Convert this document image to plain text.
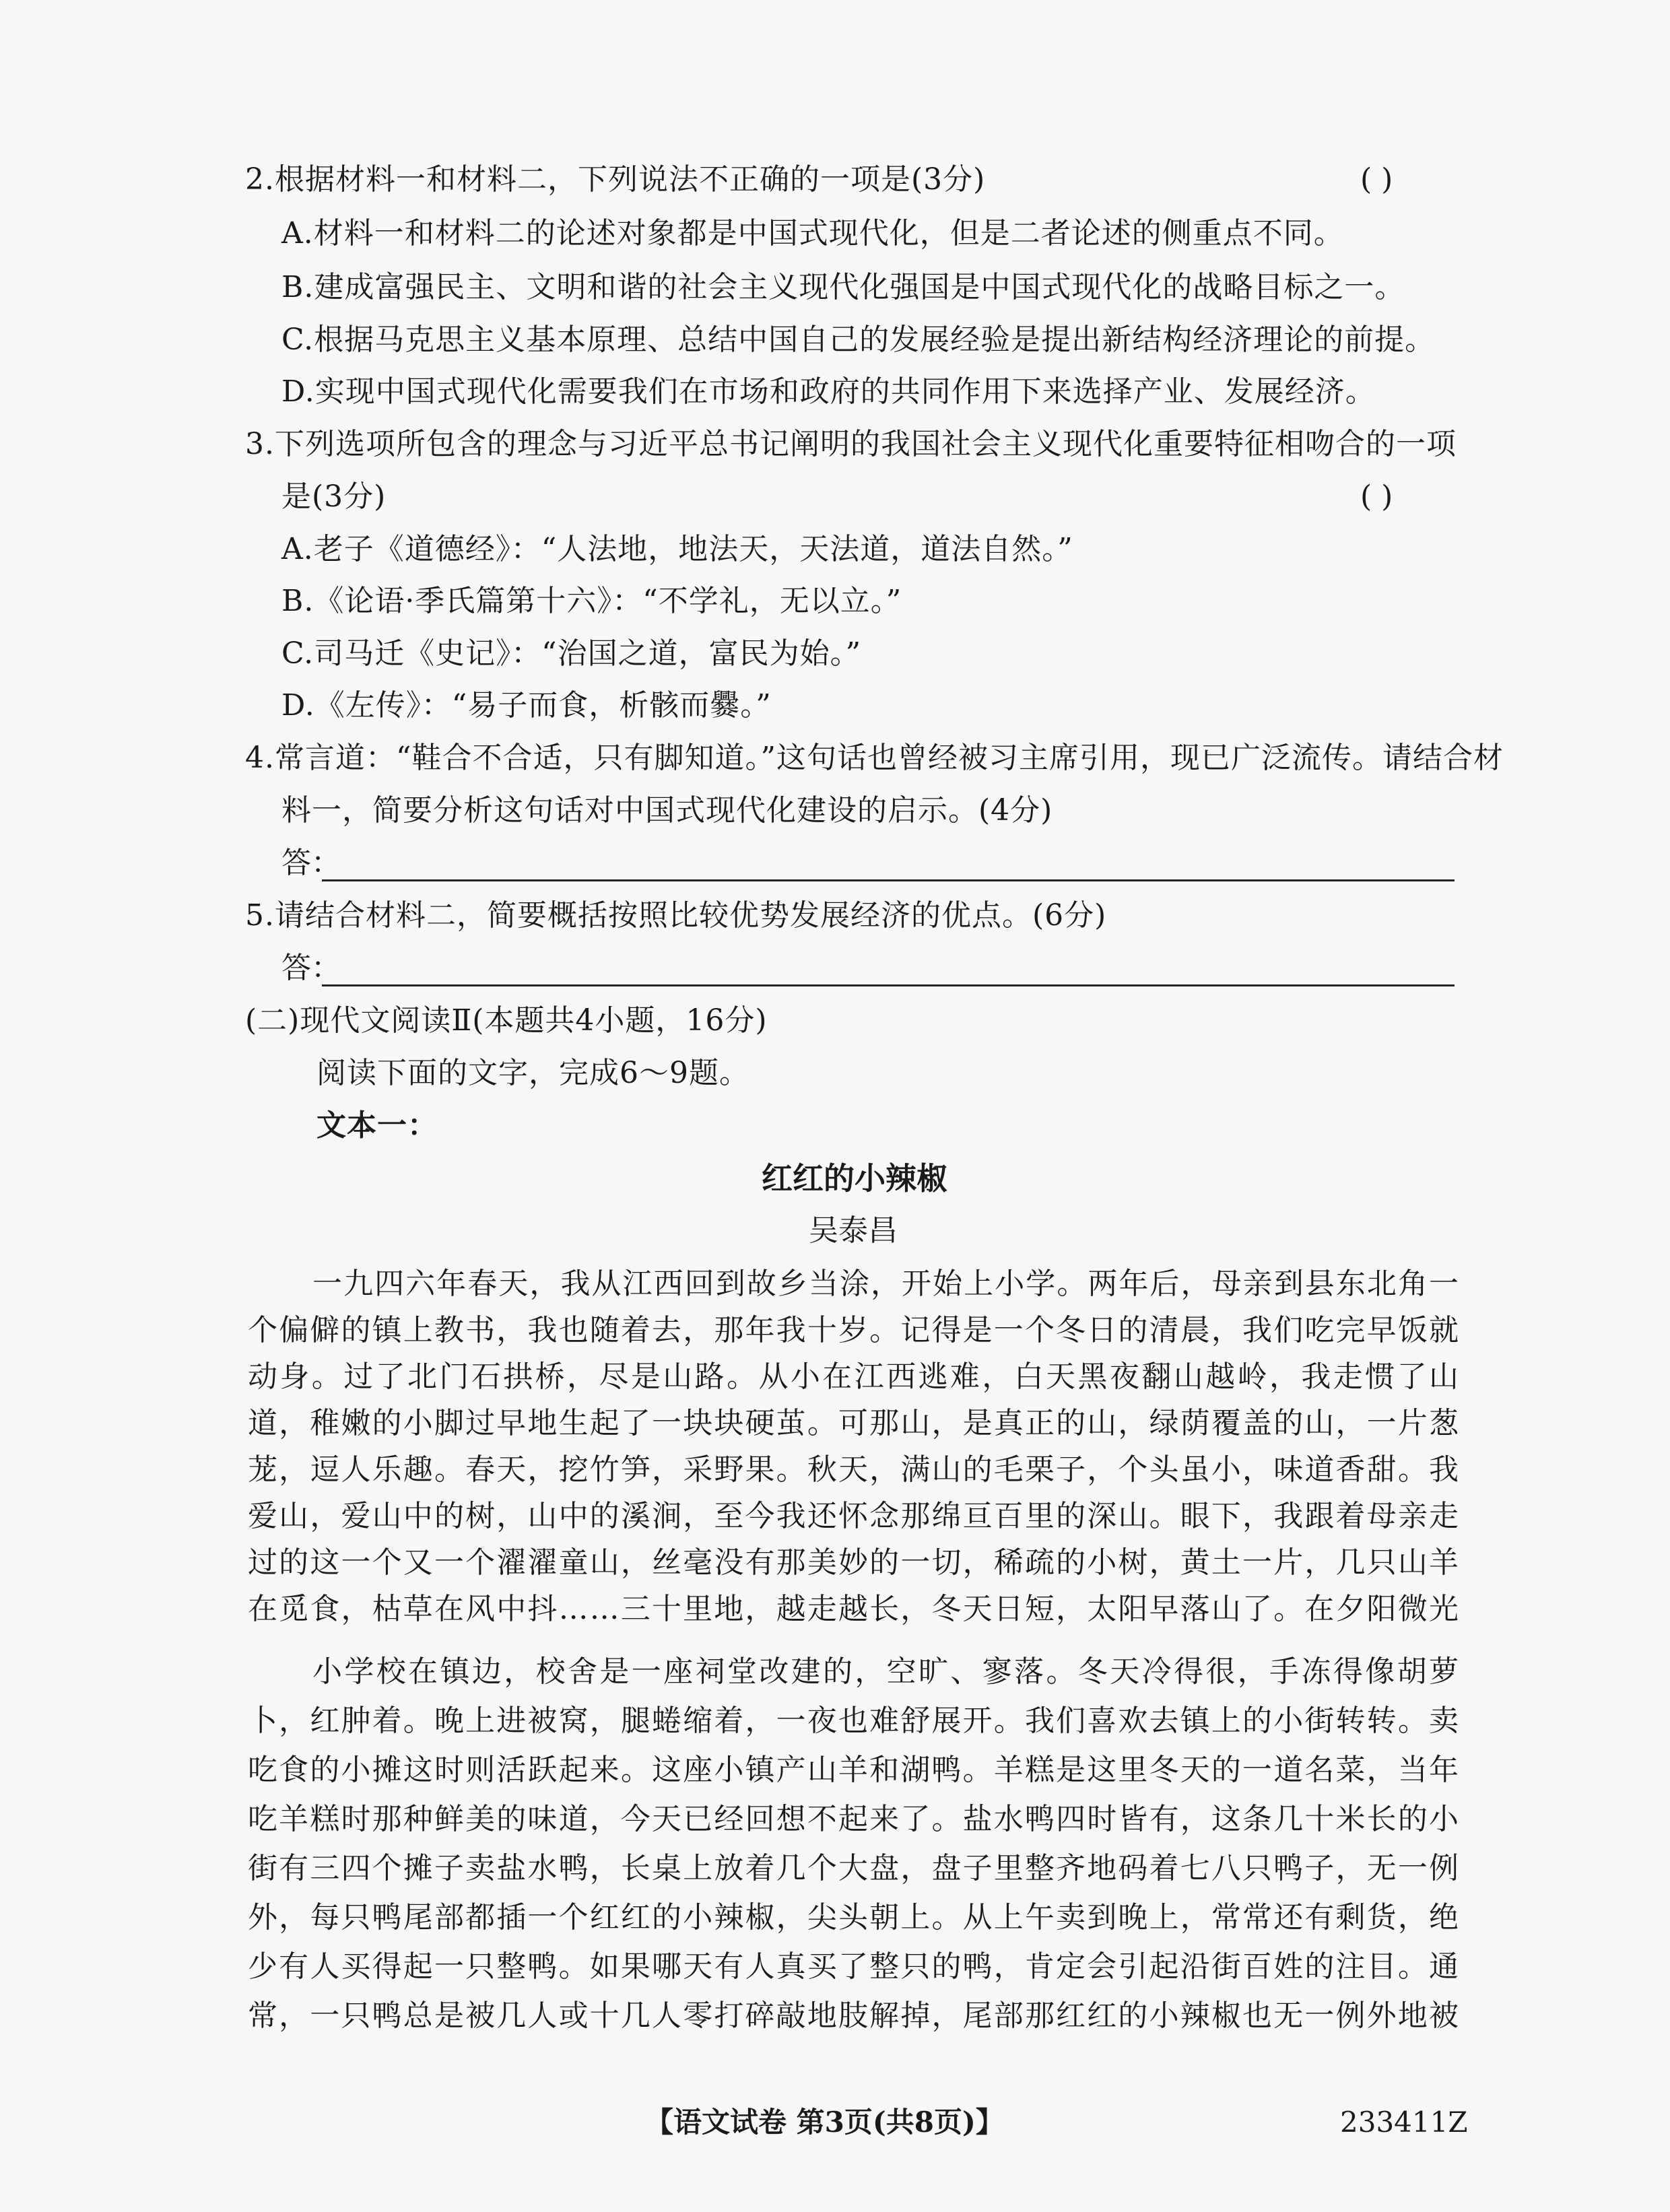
2.根据材料一和材料二，下列说法不正确的一项是(3分)	( )
A.材料一和材料二的论述对象都是中国式现代化，但是二者论述的侧重点不同。
B.建成富强民主、文明和谐的社会主义现代化强国是中国式现代化的战略目标之一。
C.根据马克思主义基本原理、总结中国自己的发展经验是提出新结构经济理论的前提。
D.实现中国式现代化需要我们在市场和政府的共同作用下来选择产业、发展经济。
3.下列选项所包含的理念与习近平总书记阐明的我国社会主义现代化重要特征相吻合的一项
是(3分)	( )
A.老子《道德经》：“人法地，地法天，天法道，道法自然。”
B.《论语·季氏篇第十六》：“不学礼，无以立。”
C.司马迁《史记》：“治国之道，富民为始。”
D.《左传》：“易子而食，析骸而爨。”
4.常言道：“鞋合不合适，只有脚知道。”这句话也曾经被习主席引用，现已广泛流传。请结合材
料一，简要分析这句话对中国式现代化建设的启示。(4分)
答：
5.请结合材料二，简要概括按照比较优势发展经济的优点。(6分)
答：
(二)现代文阅读Ⅱ(本题共4小题，16分)
阅读下面的文字，完成6～9题。
文本一：
红红的小辣椒
吴泰昌
一九四六年春天，我从江西回到故乡当涂，开始上小学。两年后，母亲到县东北角一个偏僻的镇上教书，我也随着去，那年我十岁。记得是一个冬日的清晨，我们吃完早饭就动身。过了北门石拱桥，尽是山路。从小在江西逃难，白天黑夜翻山越岭，我走惯了山道，稚嫩的小脚过早地生起了一块块硬茧。可那山，是真正的山，绿荫覆盖的山，一片葱茏，逗人乐趣。春天，挖竹笋，采野果。秋天，满山的毛栗子，个头虽小，味道香甜。我爱山，爱山中的树，山中的溪涧，至今我还怀念那绵亘百里的深山。眼下，我跟着母亲走过的这一个又一个濯濯童山，丝毫没有那美妙的一切，稀疏的小树，黄土一片，几只山羊在觅食，枯草在风中抖……三十里地，越走越长，冬天日短，太阳早落山了。在夕阳微光
小学校在镇边，校舍是一座祠堂改建的，空旷、寥落。冬天冷得很，手冻得像胡萝卜，红肿着。晚上进被窝，腿蜷缩着，一夜也难舒展开。我们喜欢去镇上的小街转转。卖吃食的小摊这时则活跃起来。这座小镇产山羊和湖鸭。羊糕是这里冬天的一道名菜，当年吃羊糕时那种鲜美的味道，今天已经回想不起来了。盐水鸭四时皆有，这条几十米长的小街有三四个摊子卖盐水鸭，长桌上放着几个大盘，盘子里整齐地码着七八只鸭子，无一例外，每只鸭尾部都插一个红红的小辣椒，尖头朝上。从上午卖到晚上，常常还有剩货，绝少有人买得起一只整鸭。如果哪天有人真买了整只的鸭，肯定会引起沿街百姓的注目。通常，一只鸭总是被几人或十几人零打碎敲地肢解掉，尾部那红红的小辣椒也无一例外地被
【语文试卷 第3页(共8页)】	233411Z
